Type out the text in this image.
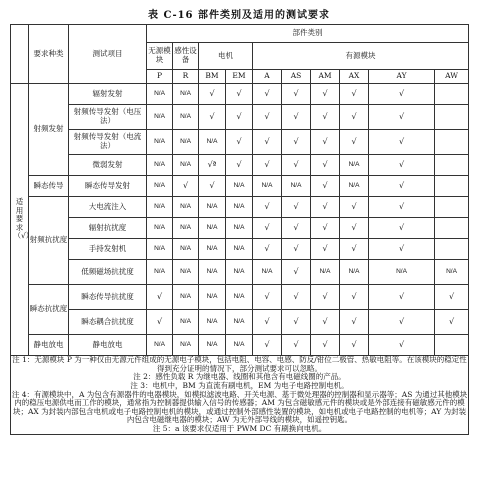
表 C-16 部件类别及适用的测试要求
	要求种类	测试项目	部件类别									
			无源模块	感性设备	电机		有源模块					
			P	R	BM	EM	A	AS	AM	AX	AY	AW
适用要求（√）	射频发射	辐射发射	N/A	N/A	√	√	√	√	√	√	√	
		射频传导发射（电压法）	N/A	N/A	√	√	√	√	√	√	√	
		射频传导发射（电流法）	N/A	N/A	N/A	√	√	√	√	√	√	
		微弱发射	N/A	N/A	√ª	√	√	√	√	N/A	√	
	瞬态传导	瞬态传导发射	N/A	√	√	N/A	N/A	N/A	√	N/A	√	
	射频抗扰度	大电流注入	N/A	N/A	N/A	N/A	√	√	√	√	√	
		辐射抗扰度	N/A	N/A	N/A	N/A	√	√	√	√	√	
		手持发射机	N/A	N/A	N/A	N/A	√	√	√	√	√	
		低频磁场抗扰度	N/A	N/A	N/A	N/A	N/A	√	N/A	N/A	N/A	N/A
	瞬态抗扰度	瞬态传导抗扰度	√	N/A	N/A	N/A	√	√	√	√	√	√
		瞬态耦合抗扰度	√	N/A	N/A	N/A	√	√	√	√	√	√
	静电放电	静电放电	N/A	N/A	N/A	N/A	√	√	√	√	√	

注 1：无源模块 P 为一种仅由无源元件组成的无源电子模块，包括电阻、电容、电感、防反/钳位二极管、热敏电阻等。在该模块的稳定性得到充分证明的情况下，部分测试要求可以忽略。

注 2：感性负载 R 为继电器、线圈和其他含有电磁线圈的产品。

注 3：电机中，BM 为直流有刷电机，EM 为电子电路控制电机。

注 4：有源模块中，A 为包含有源器件的电器模块，如模拟滤波电路、开关电源、基于微处理器的控制器和显示器等；AS 为通过其他模块内的稳压电源供电而工作的模块，通常指为控制器提供输入信号的传感器；AM 为包含磁敏感元件的模块或是外部连接有磁敏感元件的模块；AX 为封装内部包含电机或电子电路控制电机的模块，或通过控制外部感性装置的模块，如电机或电子电路控制的电机等；AY 为封装内包含电磁继电器的模块；AW 为无外部导线的模块，如遥控钥匙。

注 5：a 该要求仅适用于 PWM DC 有刷换向电机。												
